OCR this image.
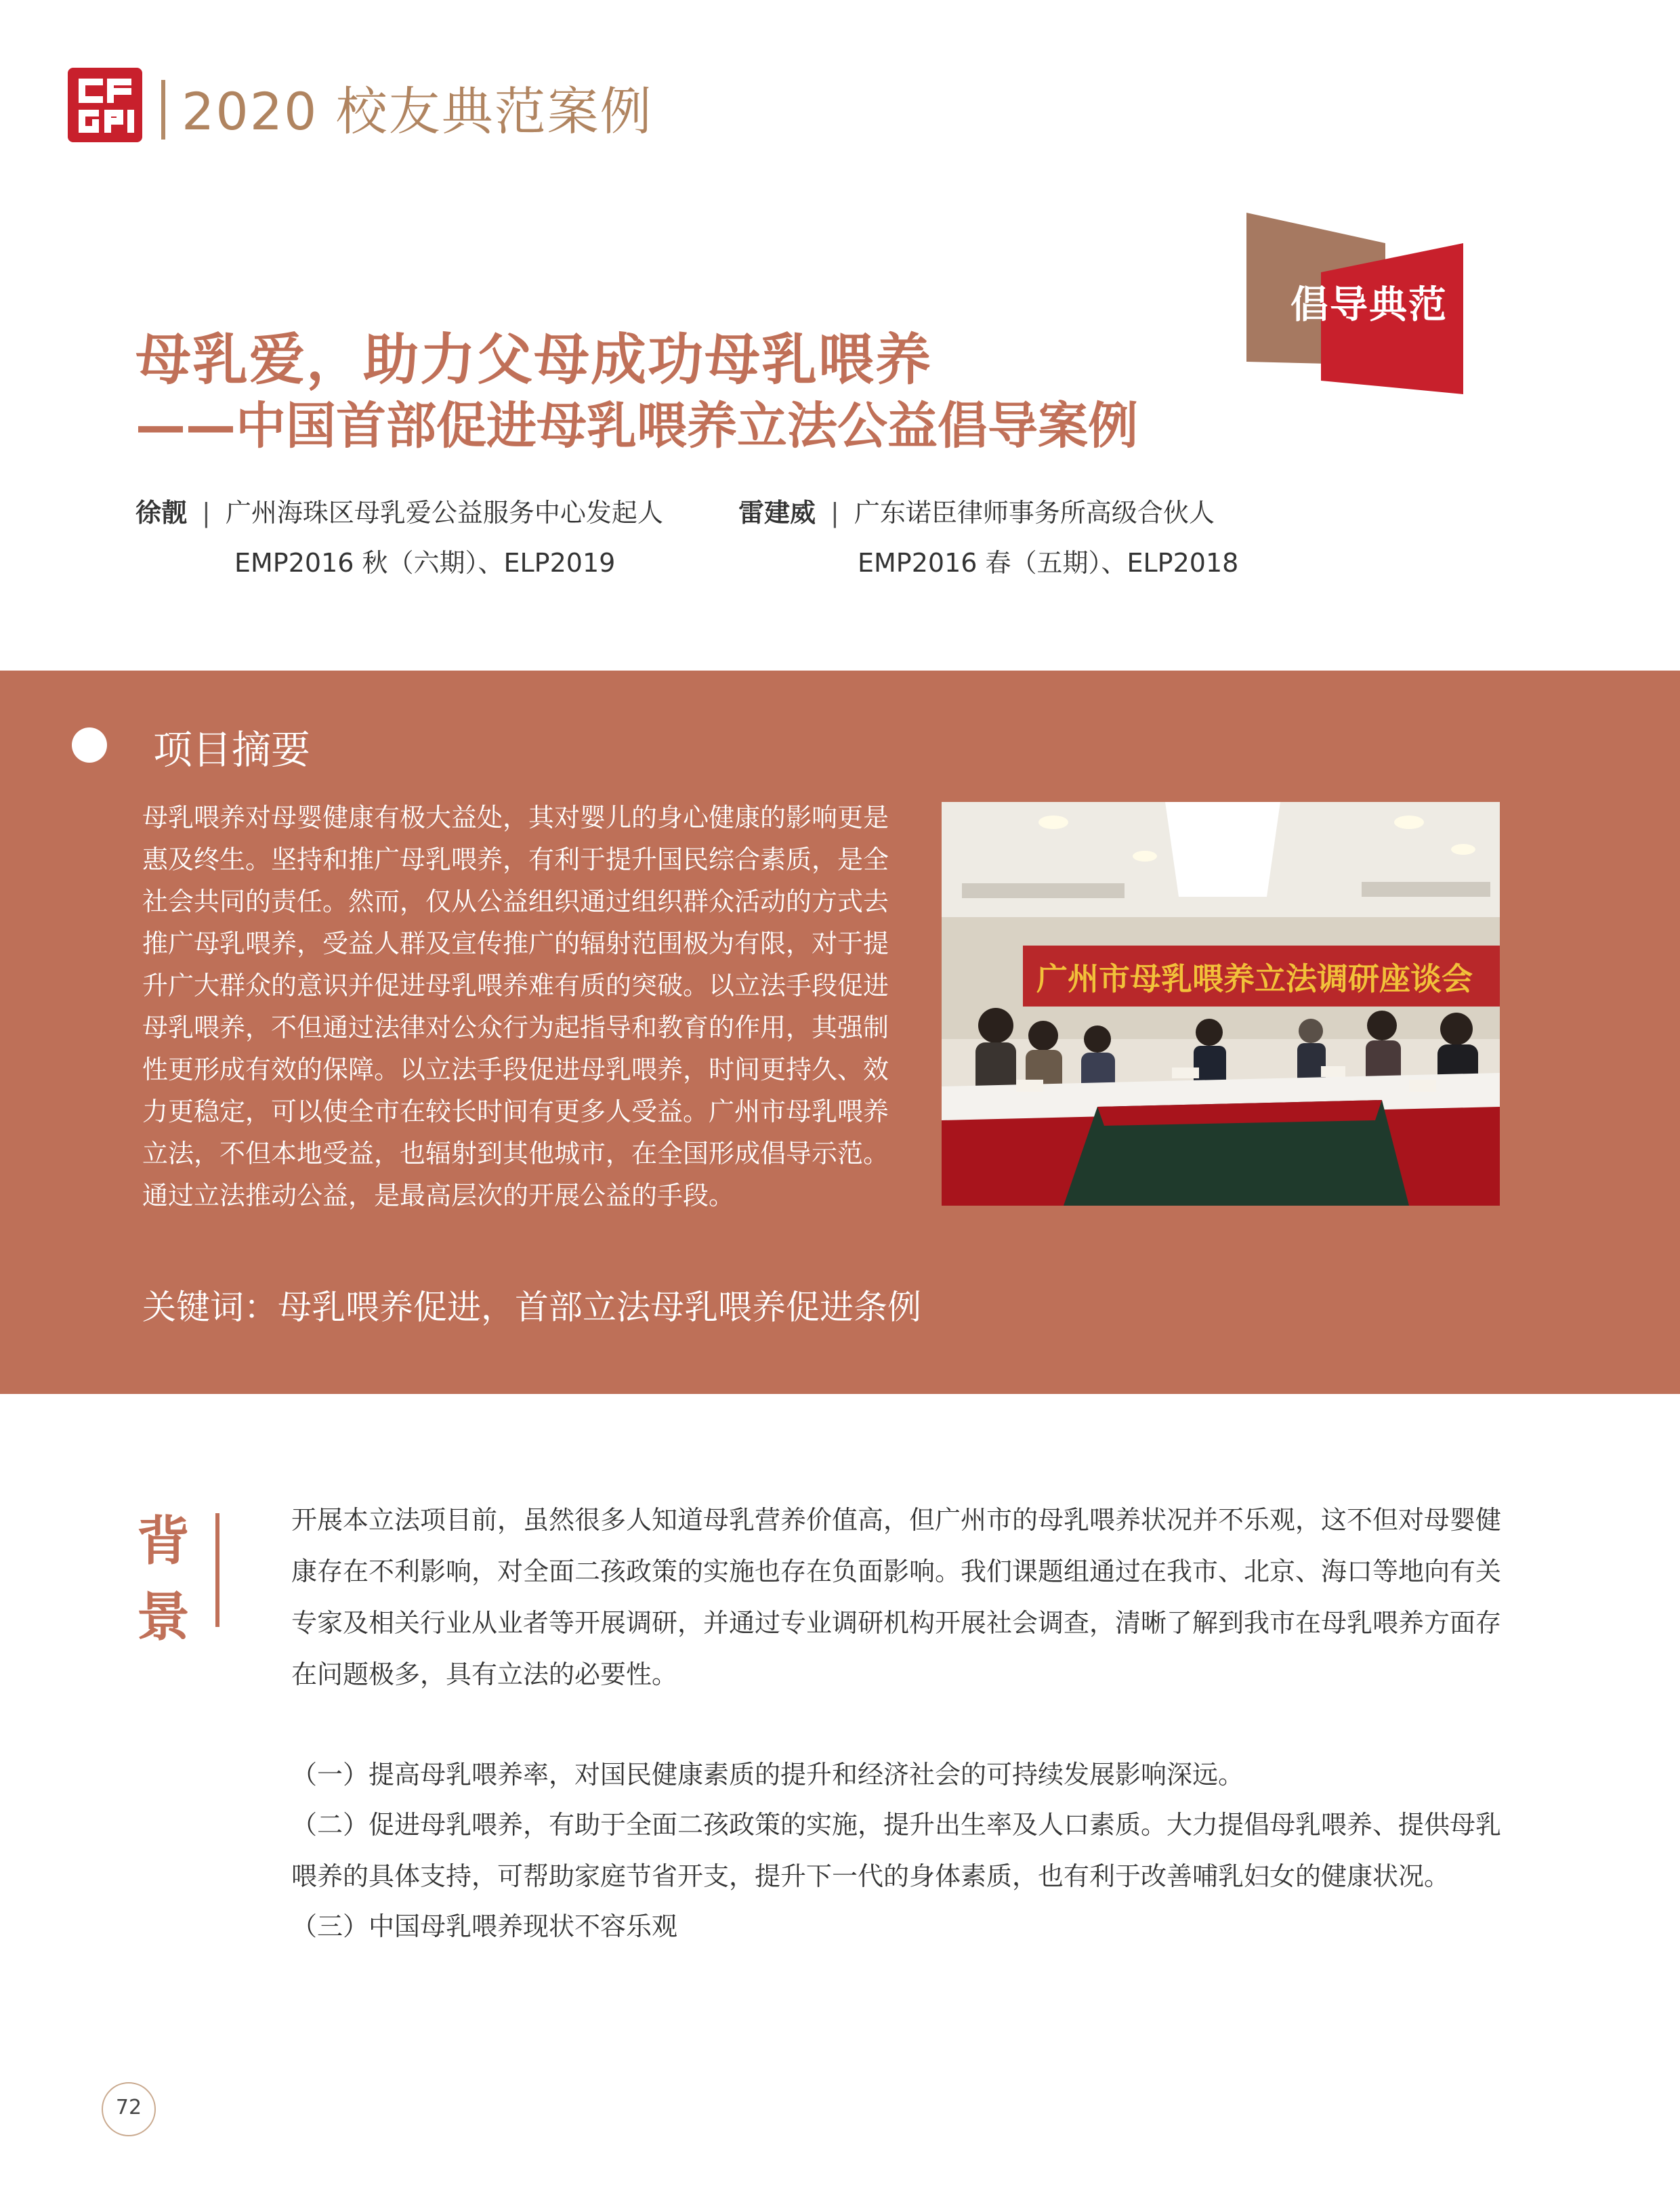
2020 校友典范案例
倡导典范
母乳爱，助力父母成功母乳喂养
——中国首部促进母乳喂养立法公益倡导案例
徐靓 | 广州海珠区母乳爱公益服务中心发起人
EMP2016 秋（六期）、ELP2019
雷建威 | 广东诺臣律师事务所高级合伙人
EMP2016 春（五期）、ELP2018
项目摘要

母乳喂养对母婴健康有极大益处，其对婴儿的身心健康的影响更是惠及终生。坚持和推广母乳喂养，有利于提升国民综合素质，是全社会共同的责任。然而，仅从公益组织通过组织群众活动的方式去推广母乳喂养，受益人群及宣传推广的辐射范围极为有限，对于提升广大群众的意识并促进母乳喂养难有质的突破。以立法手段促进母乳喂养，不但通过法律对公众行为起指导和教育的作用，其强制性更形成有效的保障。以立法手段促进母乳喂养，时间更持久、效力更稳定，可以使全市在较长时间有更多人受益。广州市母乳喂养立法，不但本地受益，也辐射到其他城市，在全国形成倡导示范。通过立法推动公益，是最高层次的开展公益的手段。

关键词：母乳喂养促进，首部立法母乳喂养促进条例
广州市母乳喂养立法调研座谈会
背
景

开展本立法项目前，虽然很多人知道母乳营养价值高，但广州市的母乳喂养状况并不乐观，这不但对母婴健康存在不利影响，对全面二孩政策的实施也存在负面影响。我们课题组通过在我市、北京、海口等地向有关专家及相关行业从业者等开展调研，并通过专业调研机构开展社会调查，清晰了解到我市在母乳喂养方面存在问题极多，具有立法的必要性。

（一）提高母乳喂养率，对国民健康素质的提升和经济社会的可持续发展影响深远。

（二）促进母乳喂养，有助于全面二孩政策的实施，提升出生率及人口素质。大力提倡母乳喂养、提供母乳喂养的具体支持，可帮助家庭节省开支，提升下一代的身体素质，也有利于改善哺乳妇女的健康状况。

（三）中国母乳喂养现状不容乐观

72
